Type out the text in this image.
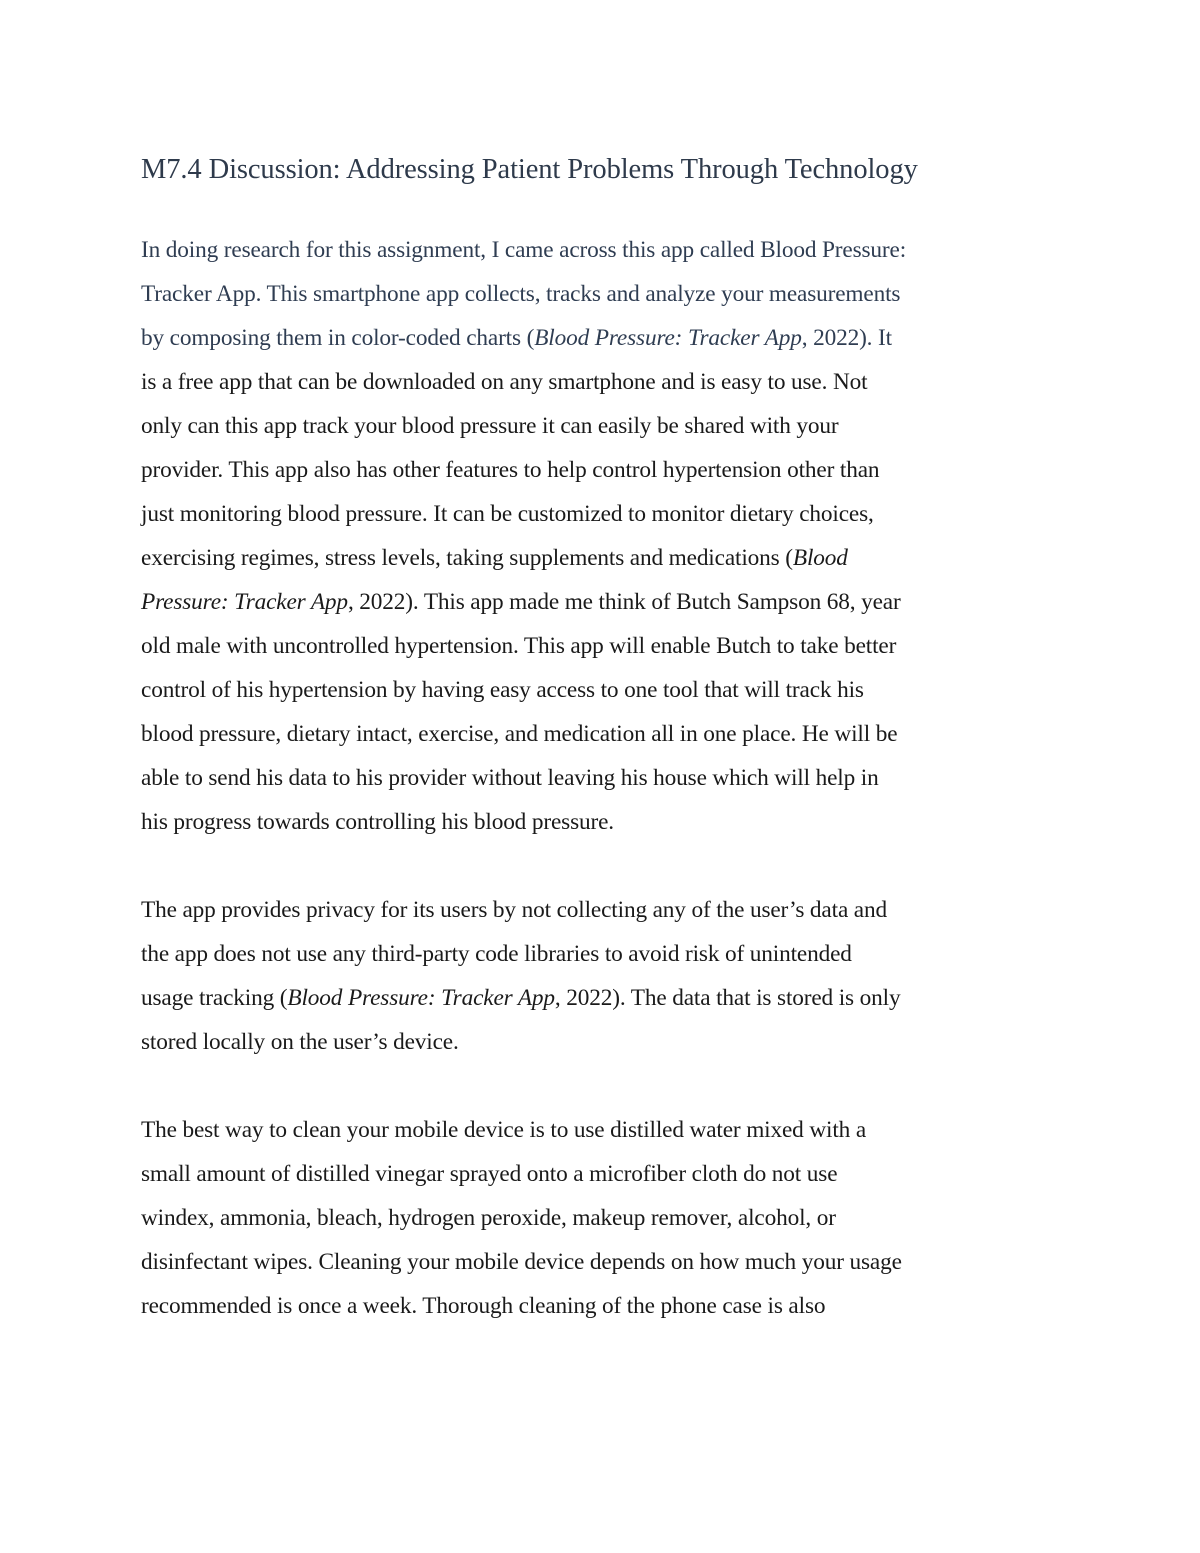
M7.4 Discussion: Addressing Patient Problems Through Technology

In doing research for this assignment, I came across this app called Blood Pressure:
Tracker App. This smartphone app collects, tracks and analyze your measurements
by composing them in color-coded charts (Blood Pressure: Tracker App, 2022). It
is a free app that can be downloaded on any smartphone and is easy to use. Not
only can this app track your blood pressure it can easily be shared with your
provider. This app also has other features to help control hypertension other than
just monitoring blood pressure. It can be customized to monitor dietary choices,
exercising regimes, stress levels, taking supplements and medications (Blood
Pressure: Tracker App, 2022). This app made me think of Butch Sampson 68, year
old male with uncontrolled hypertension. This app will enable Butch to take better
control of his hypertension by having easy access to one tool that will track his
blood pressure, dietary intact, exercise, and medication all in one place. He will be
able to send his data to his provider without leaving his house which will help in
his progress towards controlling his blood pressure.

The app provides privacy for its users by not collecting any of the user’s data and
the app does not use any third-party code libraries to avoid risk of unintended
usage tracking (Blood Pressure: Tracker App, 2022). The data that is stored is only
stored locally on the user’s device.

The best way to clean your mobile device is to use distilled water mixed with a
small amount of distilled vinegar sprayed onto a microfiber cloth do not use
windex, ammonia, bleach, hydrogen peroxide, makeup remover, alcohol, or
disinfectant wipes. Cleaning your mobile device depends on how much your usage
recommended is once a week. Thorough cleaning of the phone case is also
